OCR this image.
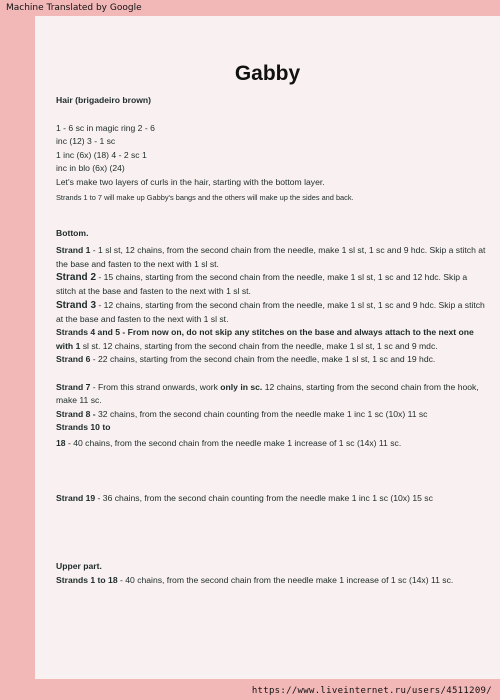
Machine Translated by Google
Gabby

Hair (brigadeiro brown)

1 - 6 sc in magic ring 2 - 6

inc (12) 3 - 1 sc

1 inc (6x) (18) 4 - 2 sc 1

inc in blo (6x) (24)

Let's make two layers of curls in the hair, starting with the bottom layer.

Strands 1 to 7 will make up Gabby's bangs and the others will make up the sides and back.

Bottom.

Strand 1 - 1 sl st, 12 chains, from the second chain from the needle, make 1 sl st, 1 sc and 9 hdc. Skip a stitch at the base and fasten to the next with 1 sl st.

Strand 2 - 15 chains, starting from the second chain from the needle, make 1 sl st, 1 sc and 12 hdc. Skip a stitch at the base and fasten to the next with 1 sl st.

Strand 3 - 12 chains, starting from the second chain from the needle, make 1 sl st, 1 sc and 9 hdc. Skip a stitch at the base and fasten to the next with 1 sl st.

Strands 4 and 5 - From now on, do not skip any stitches on the base and always attach to the next one with 1 sl st. 12 chains, starting from the second chain from the needle, make 1 sl st, 1 sc and 9 mdc.

Strand 6 - 22 chains, starting from the second chain from the needle, make 1 sl st, 1 sc and 19 hdc.

Strand 7 - From this strand onwards, work only in sc. 12 chains, starting from the second chain from the hook, make 11 sc.

Strand 8 - 32 chains, from the second chain counting from the needle make 1 inc 1 sc (10x) 11 sc

Strands 10 to

18 - 40 chains, from the second chain from the needle make 1 increase of 1 sc (14x) 11 sc.

Strand 19 - 36 chains, from the second chain counting from the needle make 1 inc 1 sc (10x) 15 sc

Upper part.

Strands 1 to 18 - 40 chains, from the second chain from the needle make 1 increase of 1 sc (14x) 11 sc.

https://www.liveinternet.ru/users/4511209/
